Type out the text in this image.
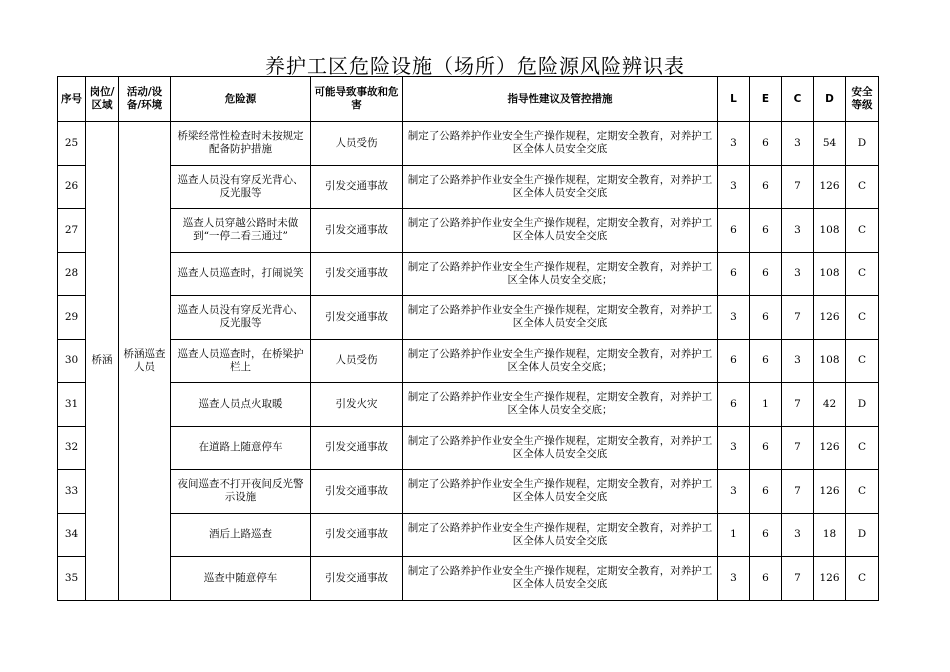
养护工区危险设施（场所）危险源风险辨识表
序号	岗位/区域	活动/设备/环境	危险源	可能导致事故和危害	指导性建议及管控措施	L	E	C	D	安全等级
25	桥涵	桥涵巡查人员	桥梁经常性检查时未按规定配备防护措施	人员受伤	制定了公路养护作业安全生产操作规程，定期安全教育，对养护工区全体人员安全交底	3	6	3	54	D
26			巡查人员没有穿反光背心、反光服等	引发交通事故	制定了公路养护作业安全生产操作规程，定期安全教育，对养护工区全体人员安全交底	3	6	7	126	C
27			巡查人员穿越公路时未做到“一停二看三通过”	引发交通事故	制定了公路养护作业安全生产操作规程，定期安全教育，对养护工区全体人员安全交底	6	6	3	108	C
28			巡查人员巡查时，打闹说笑	引发交通事故	制定了公路养护作业安全生产操作规程，定期安全教育，对养护工区全体人员安全交底；	6	6	3	108	C
29			巡查人员没有穿反光背心、反光服等	引发交通事故	制定了公路养护作业安全生产操作规程，定期安全教育，对养护工区全体人员安全交底	3	6	7	126	C
30			巡查人员巡查时，在桥梁护栏上	人员受伤	制定了公路养护作业安全生产操作规程，定期安全教育，对养护工区全体人员安全交底；	6	6	3	108	C
31			巡查人员点火取暖	引发火灾	制定了公路养护作业安全生产操作规程，定期安全教育，对养护工区全体人员安全交底；	6	1	7	42	D
32			在道路上随意停车	引发交通事故	制定了公路养护作业安全生产操作规程，定期安全教育，对养护工区全体人员安全交底	3	6	7	126	C
33			夜间巡查不打开夜间反光警示设施	引发交通事故	制定了公路养护作业安全生产操作规程，定期安全教育，对养护工区全体人员安全交底	3	6	7	126	C
34			酒后上路巡查	引发交通事故	制定了公路养护作业安全生产操作规程，定期安全教育，对养护工区全体人员安全交底	1	6	3	18	D
35			巡查中随意停车	引发交通事故	制定了公路养护作业安全生产操作规程，定期安全教育，对养护工区全体人员安全交底	3	6	7	126	C
